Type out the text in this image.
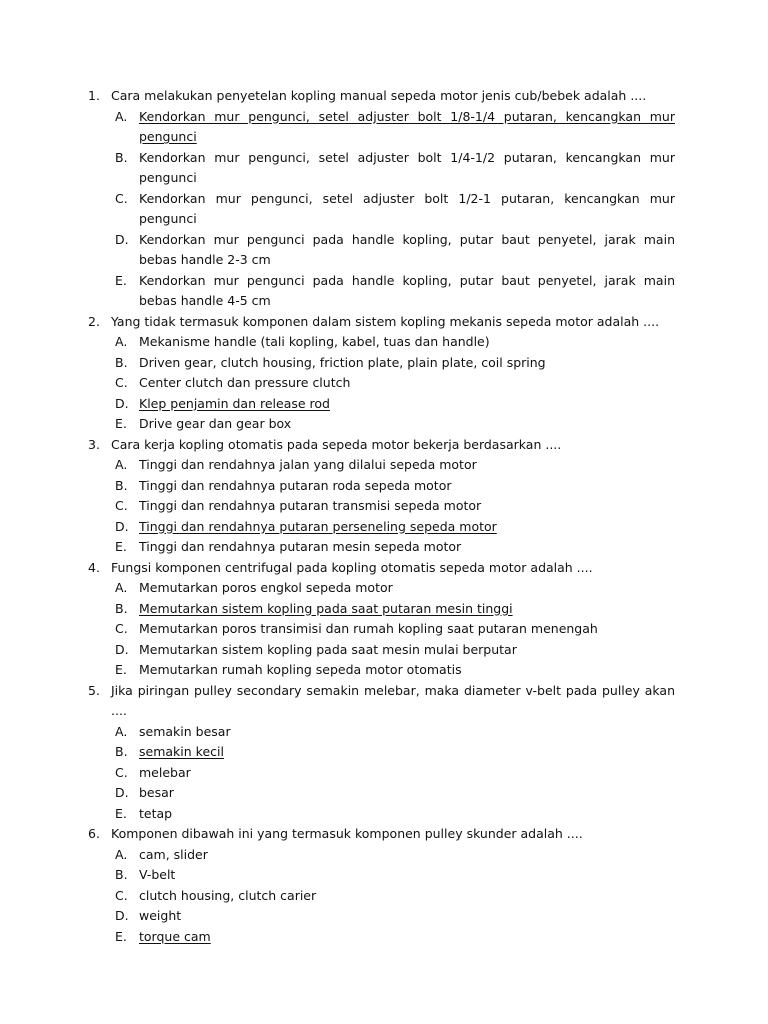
1. Cara melakukan penyetelan kopling manual sepeda motor jenis cub/bebek adalah ....
A. Kendorkan mur pengunci, setel adjuster bolt 1/8-1/4 putaran, kencangkan mur pengunci
B. Kendorkan mur pengunci, setel adjuster bolt 1/4-1/2 putaran, kencangkan mur pengunci
C. Kendorkan mur pengunci, setel adjuster bolt 1/2-1 putaran, kencangkan mur pengunci
D. Kendorkan mur pengunci pada handle kopling, putar baut penyetel, jarak main bebas handle 2-3 cm
E. Kendorkan mur pengunci pada handle kopling, putar baut penyetel, jarak main bebas handle 4-5 cm
2. Yang tidak termasuk komponen dalam sistem kopling mekanis sepeda motor adalah ....
A. Mekanisme handle (tali kopling, kabel, tuas dan handle)
B. Driven gear, clutch housing, friction plate, plain plate, coil spring
C. Center clutch dan pressure clutch
D. Klep penjamin dan release rod
E. Drive gear dan gear box
3. Cara kerja kopling otomatis pada sepeda motor bekerja berdasarkan ....
A. Tinggi dan rendahnya jalan yang dilalui sepeda motor
B. Tinggi dan rendahnya putaran roda sepeda motor
C. Tinggi dan rendahnya putaran transmisi sepeda motor
D. Tinggi dan rendahnya putaran perseneling sepeda motor
E. Tinggi dan rendahnya putaran mesin sepeda motor
4. Fungsi komponen centrifugal pada kopling otomatis sepeda motor adalah ....
A. Memutarkan poros engkol sepeda motor
B. Memutarkan sistem kopling pada saat putaran mesin tinggi
C. Memutarkan poros transimisi dan rumah kopling saat putaran menengah
D. Memutarkan sistem kopling pada saat mesin mulai berputar
E. Memutarkan rumah kopling sepeda motor otomatis
5. Jika piringan pulley secondary semakin melebar, maka diameter v-belt pada pulley akan ....
A. semakin besar
B. semakin kecil
C. melebar
D. besar
E. tetap
6. Komponen dibawah ini yang termasuk komponen pulley skunder adalah ....
A. cam, slider
B. V-belt
C. clutch housing, clutch carier
D. weight
E. torque cam
